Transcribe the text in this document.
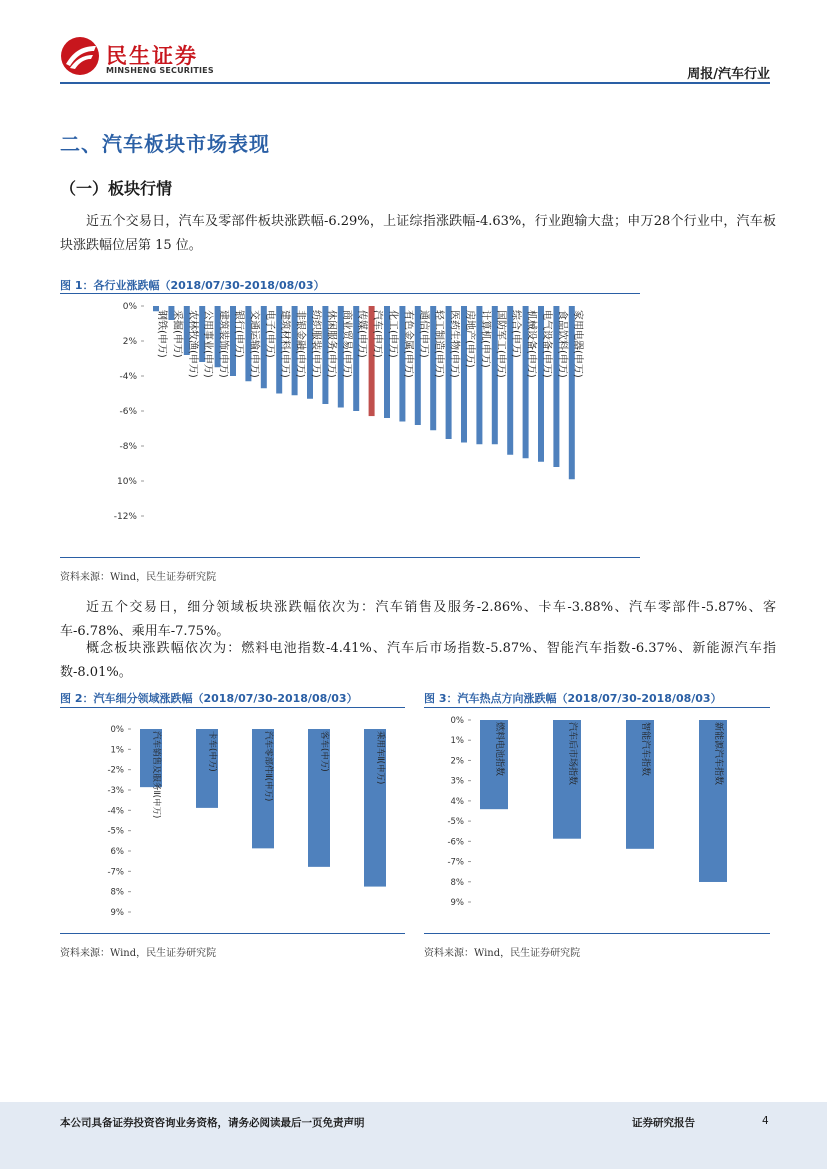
民生证券
MINSHENG SECURITIES	周报/汽车行业
二、汽车板块市场表现
（一）板块行情

近五个交易日，汽车及零部件板块涨跌幅-6.29%，上证综指涨跌幅-4.63%，行业跑输大盘；申万28个行业中，汽车板块涨跌幅位居第 15 位。

图 1：各行业涨跌幅（2018/07/30-2018/08/03）
0%
2%
-4%
-6%
-8%
10%
-12%
钢铁(申万) 采掘(申万) 农林牧渔(申万) 公用事业(申万) 建筑装饰(申万) 银行(申万) 交通运输(申万) 电子(申万) 建筑材料(申万) 非银金融(申万) 纺织服装(申万) 休闲服务(申万) 商业贸易(申万) 传媒(申万) 汽车(申万) 化工(申万) 有色金属(申万) 通信(申万) 轻工制造(申万) 医药生物(申万) 房地产(申万) 计算机(申万) 国防军工(申万) 综合(申万) 机械设备(申万) 电气设备(申万) 食品饮料(申万) 家用电器(申万)
资料来源：Wind，民生证券研究院

近五个交易日，细分领域板块涨跌幅依次为：汽车销售及服务-2.86%、卡车-3.88%、汽车零部件-5.87%、客车-6.78%、乘用车-7.75%。

概念板块涨跌幅依次为：燃料电池指数-4.41%、汽车后市场指数-5.87%、智能汽车指数-6.37%、新能源汽车指数-8.01%。

图 2：汽车细分领域涨跌幅（2018/07/30-2018/08/03）
0%
1%
-2%
-3%
-4%
-5%
6%
-7%
8%
9%
汽车销售及服务Ⅱ(申万)	卡车(申万)	汽车零部件Ⅱ(申万)	客车(申万)	乘用车Ⅱ(申万)
资料来源：Wind，民生证券研究院
图 3：汽车热点方向涨跌幅（2018/07/30-2018/08/03）
0%
1%
2%
3%
4%
-5%
-6%
-7%
8%
9%
燃料电池指数	汽车后市场指数	智能汽车指数	新能源汽车指数
资料来源：Wind，民生证券研究院
本公司具备证券投资咨询业务资格，请务必阅读最后一页免责声明	证券研究报告	4
